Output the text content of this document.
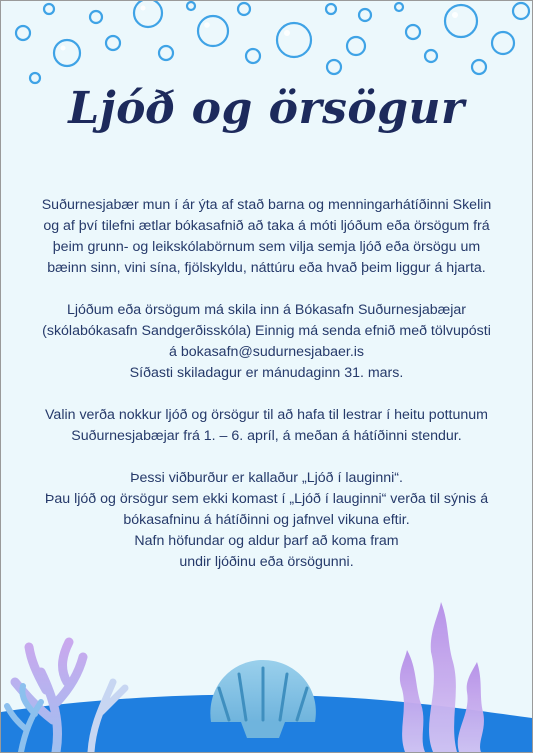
Ljóð og örsögur

Suðurnesjabær mun í ár ýta af stað barna og menningarhátíðinni Skelin
og af því tilefni ætlar bókasafnið að taka á móti ljóðum eða örsögum frá
þeim grunn- og leikskólabörnum sem vilja semja ljóð eða örsögu um
bæinn sinn, vini sína, fjölskyldu, náttúru eða hvað þeim liggur á hjarta.

Ljóðum eða örsögum má skila inn á Bókasafn Suðurnesjabæjar
(skólabókasafn Sandgerðisskóla) Einnig má senda efnið með tölvupósti
á bokasafn@sudurnesjabaer.is
Síðasti skiladagur er mánudaginn 31. mars.

Valin verða nokkur ljóð og örsögur til að hafa til lestrar í heitu pottunum
Suðurnesjabæjar frá 1. – 6. apríl, á meðan á hátíðinni stendur.

Þessi viðburður er kallaður „Ljóð í lauginni“.
Þau ljóð og örsögur sem ekki komast í „Ljóð í lauginni“ verða til sýnis á
bókasafninu á hátíðinni og jafnvel vikuna eftir.
Nafn höfundar og aldur þarf að koma fram
undir ljóðinu eða örsögunni.
